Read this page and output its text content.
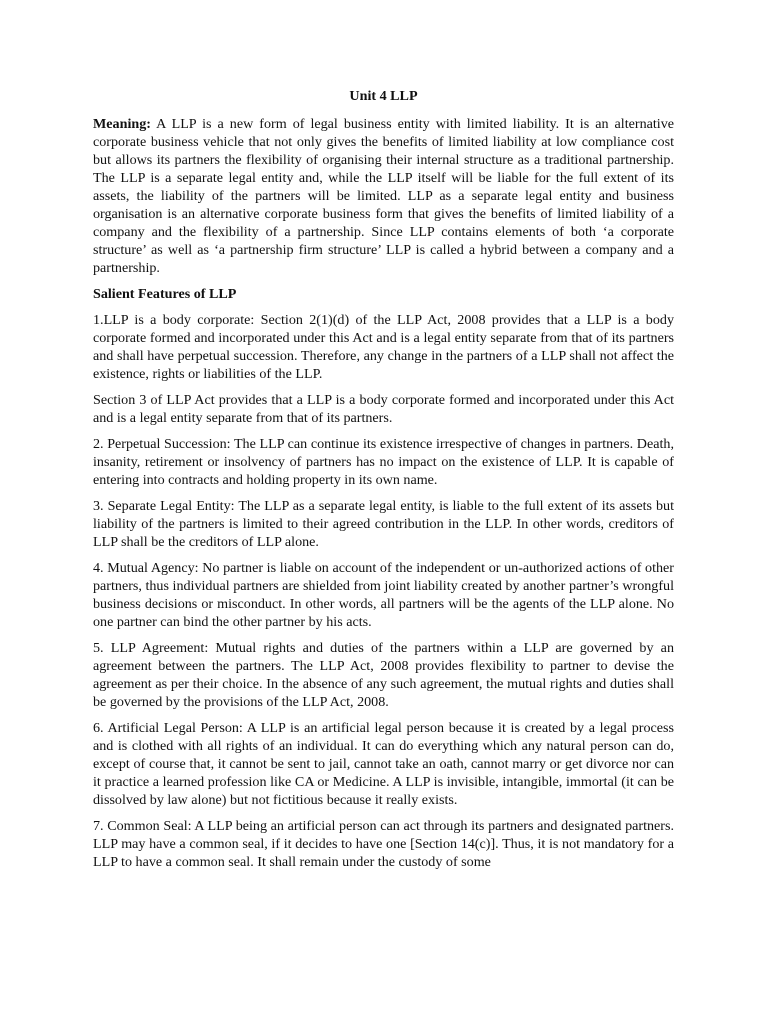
Unit 4 LLP

Meaning: A LLP is a new form of legal business entity with limited liability. It is an alternative corporate business vehicle that not only gives the benefits of limited liability at low compliance cost but allows its partners the flexibility of organising their internal structure as a traditional partnership. The LLP is a separate legal entity and, while the LLP itself will be liable for the full extent of its assets, the liability of the partners will be limited. LLP as a separate legal entity and business organisation is an alternative corporate business form that gives the benefits of limited liability of a company and the flexibility of a partnership. Since LLP contains elements of both ‘a corporate structure’ as well as ‘a partnership firm structure’ LLP is called a hybrid between a company and a partnership.

Salient Features of LLP

1.LLP is a body corporate: Section 2(1)(d) of the LLP Act, 2008 provides that a LLP is a body corporate formed and incorporated under this Act and is a legal entity separate from that of its partners and shall have perpetual succession. Therefore, any change in the partners of a LLP shall not affect the existence, rights or liabilities of the LLP.

Section 3 of LLP Act provides that a LLP is a body corporate formed and incorporated under this Act and is a legal entity separate from that of its partners.

2. Perpetual Succession: The LLP can continue its existence irrespective of changes in partners. Death, insanity, retirement or insolvency of partners has no impact on the existence of LLP. It is capable of entering into contracts and holding property in its own name.

3. Separate Legal Entity: The LLP as a separate legal entity, is liable to the full extent of its assets but liability of the partners is limited to their agreed contribution in the LLP. In other words, creditors of LLP shall be the creditors of LLP alone.

4. Mutual Agency: No partner is liable on account of the independent or un-authorized actions of other partners, thus individual partners are shielded from joint liability created by another partner’s wrongful business decisions or misconduct. In other words, all partners will be the agents of the LLP alone. No one partner can bind the other partner by his acts.

5. LLP Agreement: Mutual rights and duties of the partners within a LLP are governed by an agreement between the partners. The LLP Act, 2008 provides flexibility to partner to devise the agreement as per their choice. In the absence of any such agreement, the mutual rights and duties shall be governed by the provisions of the LLP Act, 2008.

6. Artificial Legal Person: A LLP is an artificial legal person because it is created by a legal process and is clothed with all rights of an individual. It can do everything which any natural person can do, except of course that, it cannot be sent to jail, cannot take an oath, cannot marry or get divorce nor can it practice a learned profession like CA or Medicine. A LLP is invisible, intangible, immortal (it can be dissolved by law alone) but not fictitious because it really exists.

7. Common Seal: A LLP being an artificial person can act through its partners and designated partners. LLP may have a common seal, if it decides to have one [Section 14(c)]. Thus, it is not mandatory for a LLP to have a common seal. It shall remain under the custody of some
